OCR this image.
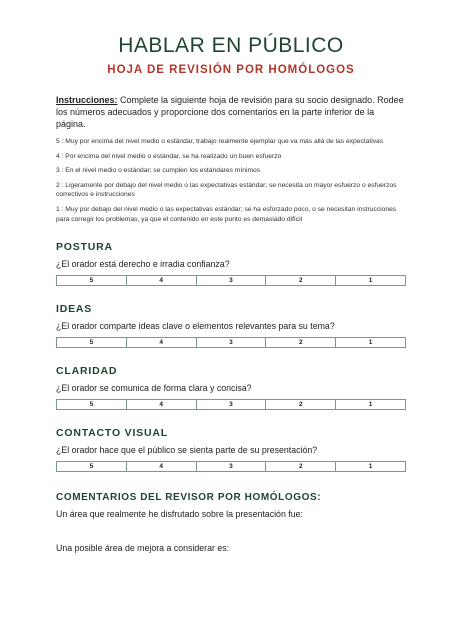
HABLAR EN PÚBLICO
HOJA DE REVISIÓN POR HOMÓLOGOS
Instrucciones: Complete la siguiente hoja de revisión para su socio designado. Rodee los números adecuados y proporcione dos comentarios en la parte inferior de la página.
5 : Muy por encima del nivel medio o estándar, trabajo realmente ejemplar que va más allá de las expectativas
4 : Por encima del nivel medio o estándar, se ha realizado un buen esfuerzo
3 : En el nivel medio o estándar; se cumplen los estándares mínimos
2 : Ligeramente por debajo del nivel medio o las expectativas estándar; se necesita un mayor esfuerzo o esfuerzos correctivos e instrucciones
1 : Muy por debajo del nivel medio o las expectativas estándar; se ha esforzado poco, o se necesitan instrucciones para corregir los problemas, ya que el contenido en este punto es demasiado difícil
POSTURA
¿El orador está derecho e irradia confianza?
5	4	3	2	1
IDEAS
¿El orador comparte ideas clave o elementos relevantes para su tema?
5	4	3	2	1
CLARIDAD
¿El orador se comunica de forma clara y concisa?
5	4	3	2	1
CONTACTO VISUAL
¿El orador hace que el público se sienta parte de su presentación?
5	4	3	2	1
COMENTARIOS DEL REVISOR POR HOMÓLOGOS:
Un área que realmente he disfrutado sobre la presentación fue:
Una posible área de mejora a considerar es:
